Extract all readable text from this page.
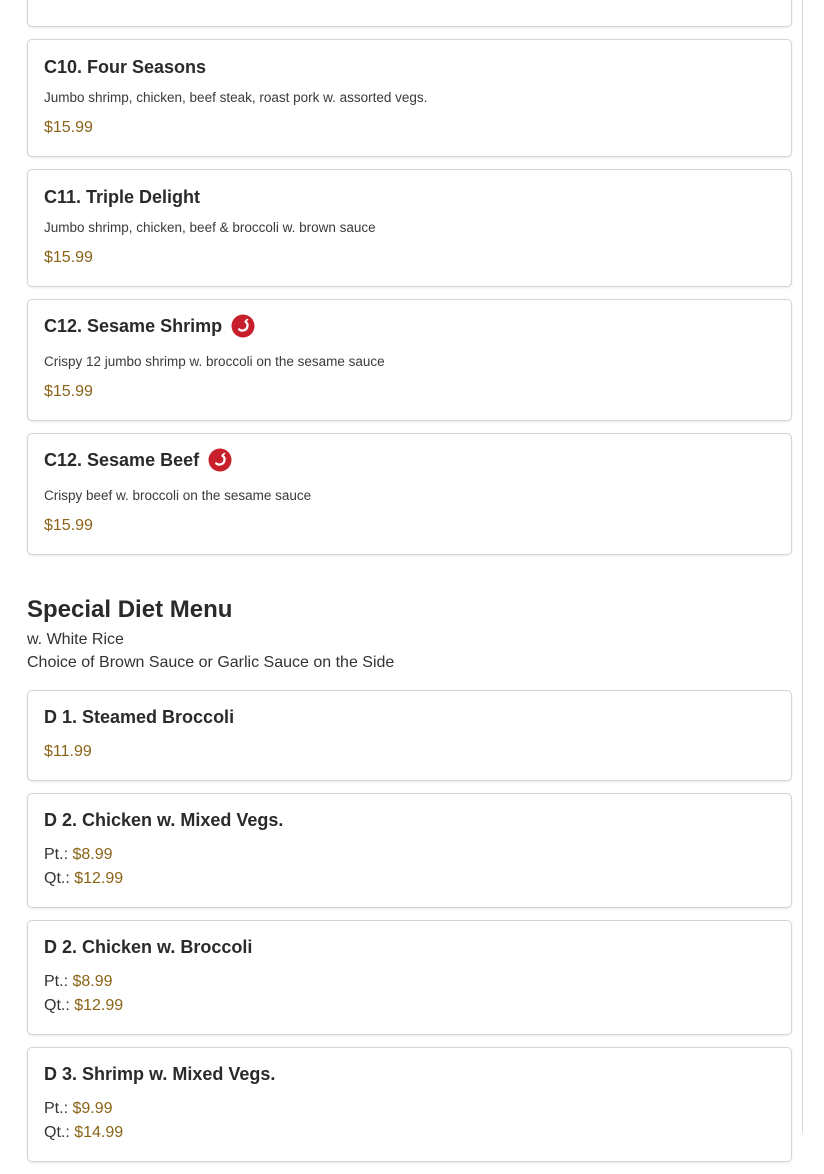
C10. Four Seasons
Jumbo shrimp, chicken, beef steak, roast pork w. assorted vegs.
$15.99
C11. Triple Delight
Jumbo shrimp, chicken, beef & broccoli w. brown sauce
$15.99
C12. Sesame Shrimp
Crispy 12 jumbo shrimp w. broccoli on the sesame sauce
$15.99
C12. Sesame Beef
Crispy beef w. broccoli on the sesame sauce
$15.99
Special Diet Menu
w. White Rice
Choice of Brown Sauce or Garlic Sauce on the Side
D 1. Steamed Broccoli
$11.99
D 2. Chicken w. Mixed Vegs.
Pt.: $8.99
Qt.: $12.99
D 2. Chicken w. Broccoli
Pt.: $8.99
Qt.: $12.99
D 3. Shrimp w. Mixed Vegs.
Pt.: $9.99
Qt.: $14.99
